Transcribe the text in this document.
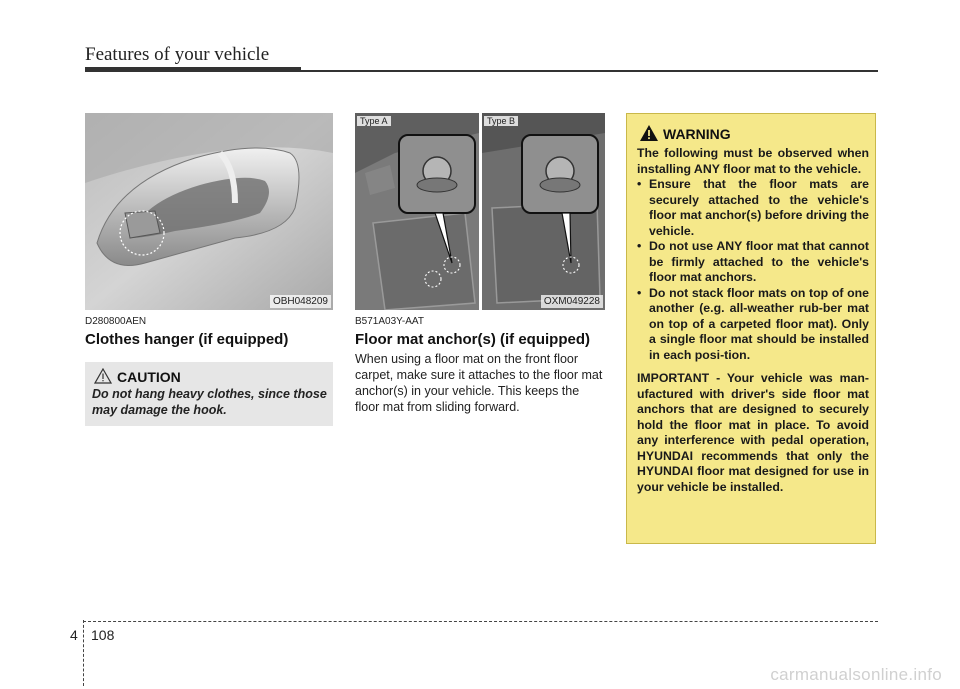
Features of your vehicle
OBH048209
D280800AEN
Clothes hanger (if equipped)
CAUTION
Do not hang heavy clothes, since those may damage the hook.
Type A	Type B
OXM049228
B571A03Y-AAT
Floor mat anchor(s) (if equipped)
When using a floor mat on the front floor carpet, make sure it attaches to the floor mat anchor(s) in your vehicle. This keeps the floor mat from sliding forward.
WARNING

The following must be observed when installing ANY floor mat to the vehicle.

• Ensure that the floor mats are securely attached to the vehicle's floor mat anchor(s) before driving the vehicle.
• Do not use ANY floor mat that cannot be firmly attached to the vehicle's floor mat anchors.
• Do not stack floor mats on top of one another (e.g. all-weather rub-ber mat on top of a carpeted floor mat). Only a single floor mat should be installed in each posi-tion.

IMPORTANT - Your vehicle was man-ufactured with driver's side floor mat anchors that are designed to securely hold the floor mat in place. To avoid any interference with pedal operation, HYUNDAI recommends that only the HYUNDAI floor mat designed for use in your vehicle be installed.

4 108
carmanualsonline.info
